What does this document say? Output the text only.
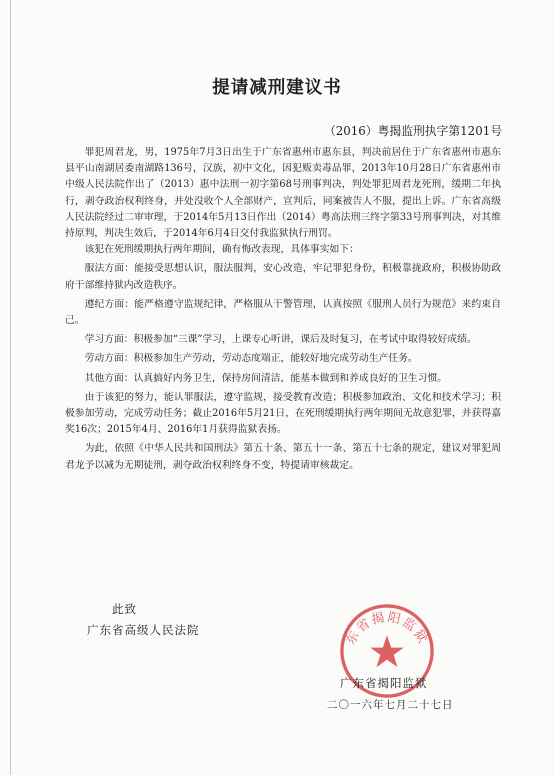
提请减刑建议书
（2016）粤揭监刑执字第1201号

罪犯周君龙，男，1975年7月3日出生于广东省惠州市惠东县，判决前居住于广东省惠州市惠东县平山南湖居委南湖路136号，汉族，初中文化，因犯贩卖毒品罪，2013年10月28日广东省惠州市中级人民法院作出了（2013）惠中法刑一初字第68号刑事判决，判处罪犯周君龙死刑，缓期二年执行，剥夺政治权利终身，并处没收个人全部财产，宣判后，同案被告人不服，提出上诉。广东省高级人民法院经过二审审理，于2014年5月13日作出（2014）粤高法刑三终字第33号刑事判决，对其维持原判，判决生效后，于2014年6月4日交付我监狱执行刑罚。

该犯在死刑缓期执行两年期间，确有悔改表现，具体事实如下：

服法方面：能接受思想认识，服法服判，安心改造，牢记罪犯身份，积极靠拢政府，积极协助政府干部维持狱内改造秩序。

遵纪方面：能严格遵守监规纪律，严格服从干警管理，认真按照《服刑人员行为规范》来约束自己。

学习方面：积极参加“三课”学习，上课专心听讲，课后及时复习，在考试中取得较好成绩。

劳动方面：积极参加生产劳动，劳动态度端正，能较好地完成劳动生产任务。

其他方面：认真搞好内务卫生，保持房间清洁，能基本做到和养成良好的卫生习惯。

由于该犯的努力，能认罪服法，遵守监规，接受教育改造；积极参加政治、文化和技术学习；积极参加劳动，完成劳动任务；截止2016年5月21日，在死刑缓期执行两年期间无故意犯罪，并获得嘉奖16次；2015年4月、2016年1月获得监狱表扬。

为此，依照《中华人民共和国刑法》第五十条、第五十一条、第五十七条的规定，建议对罪犯周君龙予以减为无期徒刑，剥夺政治权利终身不变，特提请审核裁定。

此致
广东省高级人民法院	东省揭阳监狱
广东省揭阳监狱
二〇一六年七月二十七日
